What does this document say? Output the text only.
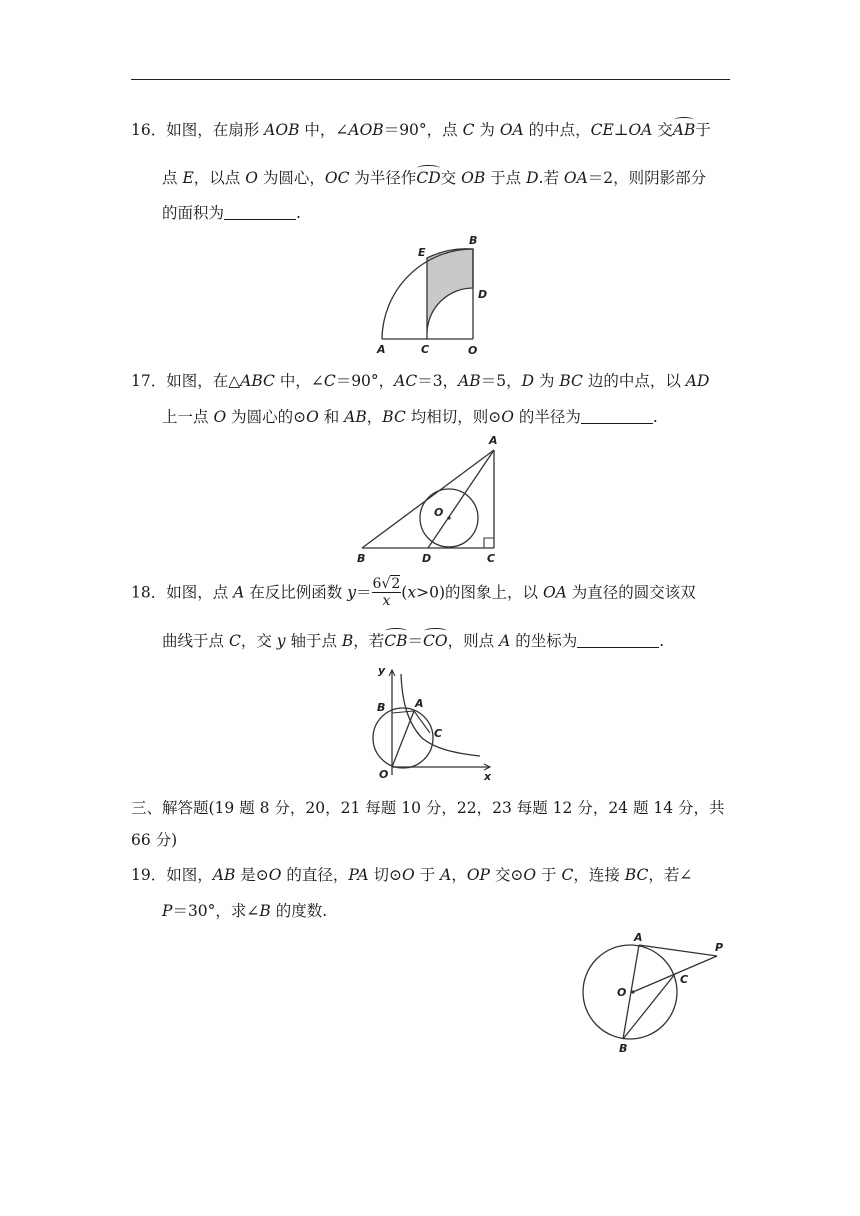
16．如图，在扇形 AOB 中，∠AOB＝90°，点 C 为 OA 的中点，CE⊥OA 交AB于
点 E，以点 O 为圆心，OC 为半径作CD交 OB 于点 D.若 OA＝2，则阴影部分
的面积为	.
A	C	O
E
B
D
17．如图，在△ABC 中，∠C＝90°，AC＝3，AB＝5，D 为 BC 边的中点，以 AD
上一点 O 为圆心的⊙O 和 AB，BC 均相切，则⊙O 的半径为	.
B	D	C
A
O
18．如图，点 A 在反比例函数 $y= \frac{6√2}{x} (x>0)$的图象上，以 OA 为直径的圆交该双
曲线于点 C，交 y 轴于点 B，若CB＝CO，则点 A 的坐标为	.
y
x
B	A
C
O
三、解答题(19 题 8 分，20，21 每题 10 分，22，23 每题 12 分，24 题 14 分，共
66 分)
19．如图，AB 是⊙O 的直径，PA 切⊙O 于 A，OP 交⊙O 于 C，连接 BC，若∠
P＝30°，求∠B 的度数.
A
P
O
C
B
